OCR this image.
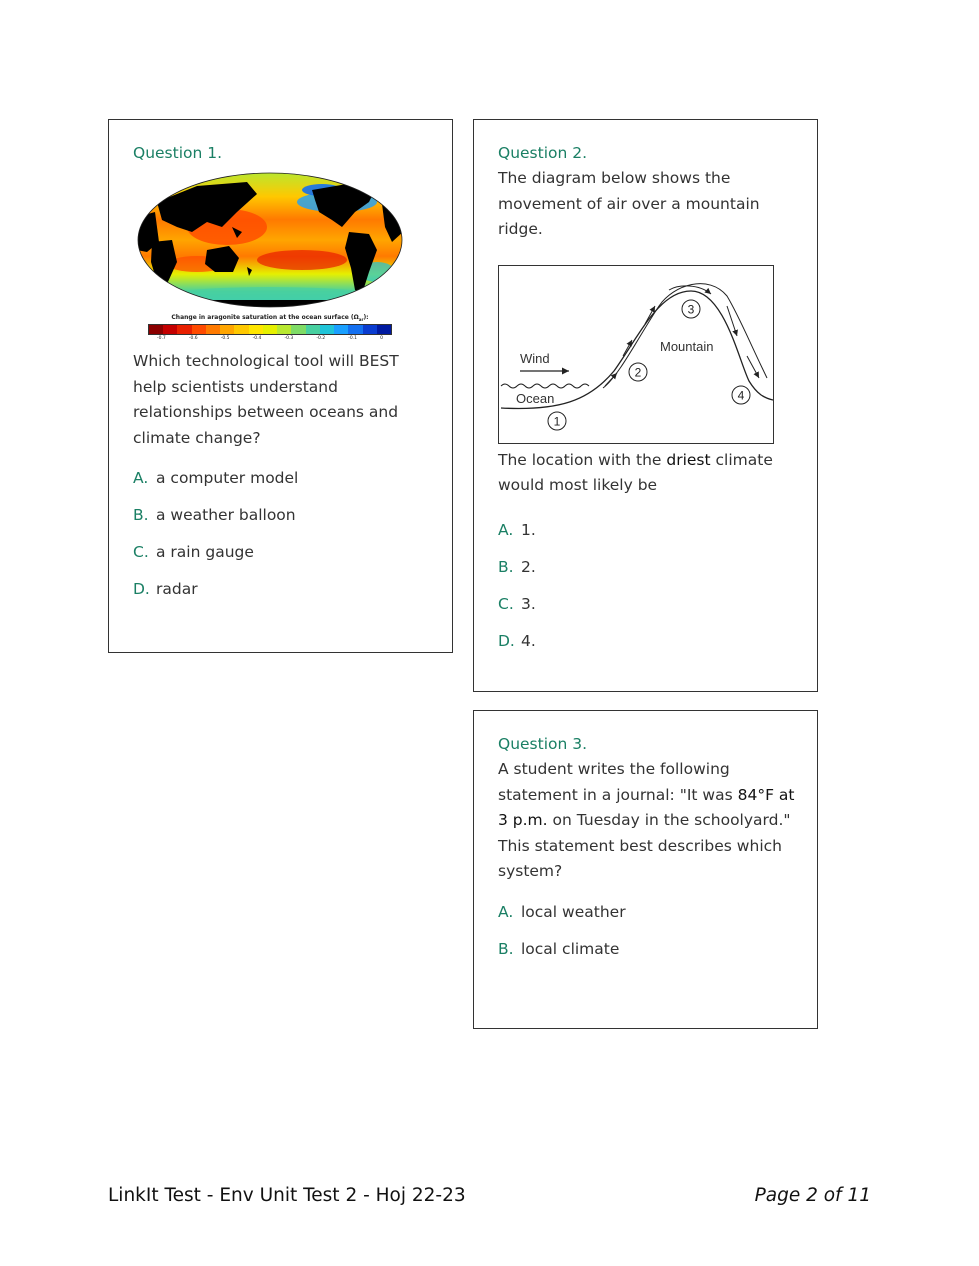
Question 1.
Change in aragonite saturation at the ocean surface $(\Omega_{ar})$:
-0.7	-0.6	-0.5	-0.4	-0.3	-0.2	-0.1	0

Which technological tool will BEST help scientists understand relationships between oceans and climate change?

A. a computer model
B. a weather balloon
C. a rain gauge
D. radar
Question 2.

The diagram below shows the movement of air over a mountain ridge.

Wind
Ocean
Mountain
1
2
3
4

The location with the driest climate would most likely be

A. 1.
B. 2.
C. 3.
D. 4.
Question 3.

A student writes the following statement in a journal: "It was 84°F at 3 p.m. on Tuesday in the schoolyard." This statement best describes which system?

A. local weather
B. local climate
LinkIt Test - Env Unit Test 2 - Hoj 22-23	Page 2 of 11
